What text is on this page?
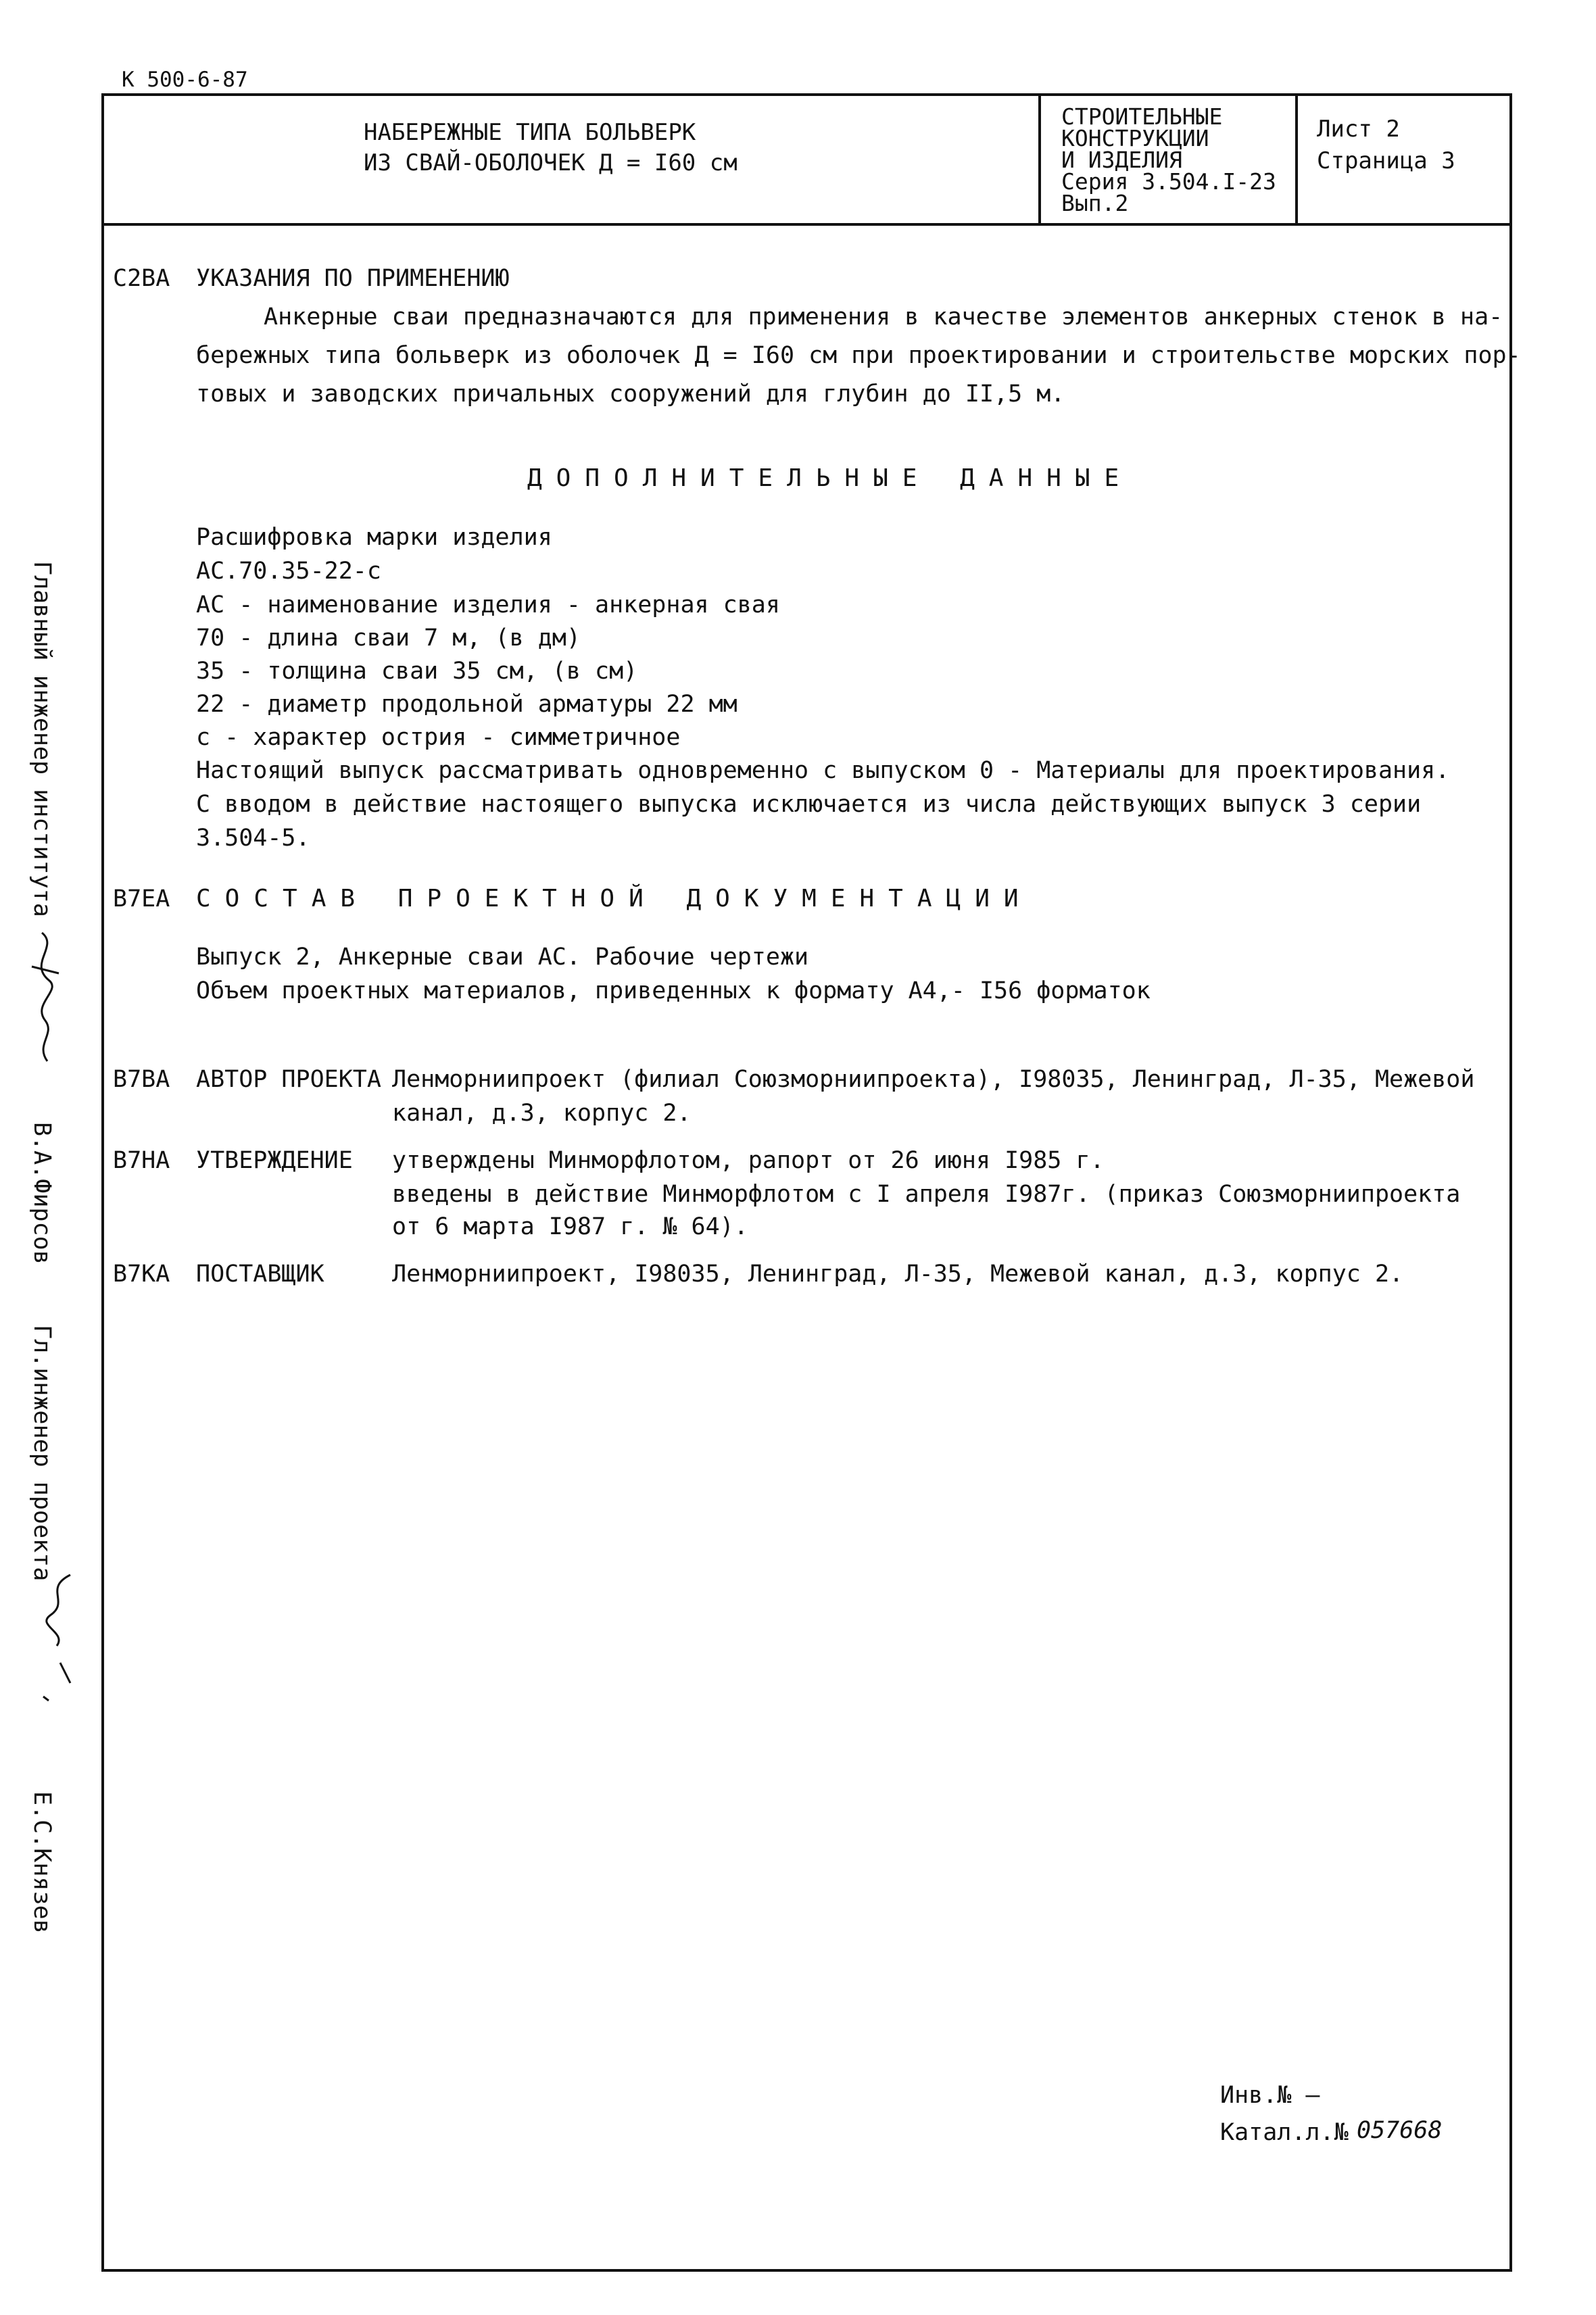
К 500-6-87
НАБЕРЕЖНЫЕ ТИПА БОЛЬВЕРК
ИЗ СВАЙ-ОБОЛОЧЕК Д = I60 см
СТРОИТЕЛЬНЫЕ
КОНСТРУКЦИИ
И ИЗДЕЛИЯ
Серия 3.504.I-23
Вып.2
Лист 2
Страница 3
С2ВА УКАЗАНИЯ ПО ПРИМЕНЕНИЮ
Анкерные сваи предназначаются для применения в качестве элементов анкерных стенок в на-
бережных типа больверк из оболочек Д = I60 см при проектировании и строительстве морских пор-
товых и заводских причальных сооружений для глубин до II,5 м.
ДОПОЛНИТЕЛЬНЫЕ ДАННЫЕ
Расшифровка марки изделия
АС.70.35-22-с
АС - наименование изделия - анкерная свая
70 - длина сваи 7 м, (в дм)
35 - толщина сваи 35 см, (в см)
22 - диаметр продольной арматуры 22 мм
с - характер острия - симметричное
Настоящий выпуск рассматривать одновременно с выпуском 0 - Материалы для проектирования.
С вводом в действие настоящего выпуска исключается из числа действующих выпуск 3 серии
3.504-5.
В7ЕА СОСТАВ ПРОЕКТНОЙ ДОКУМЕНТАЦИИ
Выпуск 2, Анкерные сваи АС. Рабочие чертежи
Объем проектных материалов, приведенных к формату А4,- I56 форматок
В7ВА АВТОР ПРОЕКТА Ленморниипроект (филиал Союзморниипроекта), I98035, Ленинград, Л-35, Межевой
канал, д.3, корпус 2.
В7НА УТВЕРЖДЕНИЕ утверждены Минморфлотом, рапорт от 26 июня I985 г.
введены в действие Минморфлотом с I апреля I987г. (приказ Союзморниипроекта
от 6 марта I987 г. № 64).
В7КА ПОСТАВЩИК	Ленморниипроект, I98035, Ленинград, Л-35, Межевой канал, д.3, корпус 2.
Главный инженер института
В.А.Фирсов
Гл.инженер проекта
Е.С.Князев
Инв.№ —
Катал.л.№ 057668
